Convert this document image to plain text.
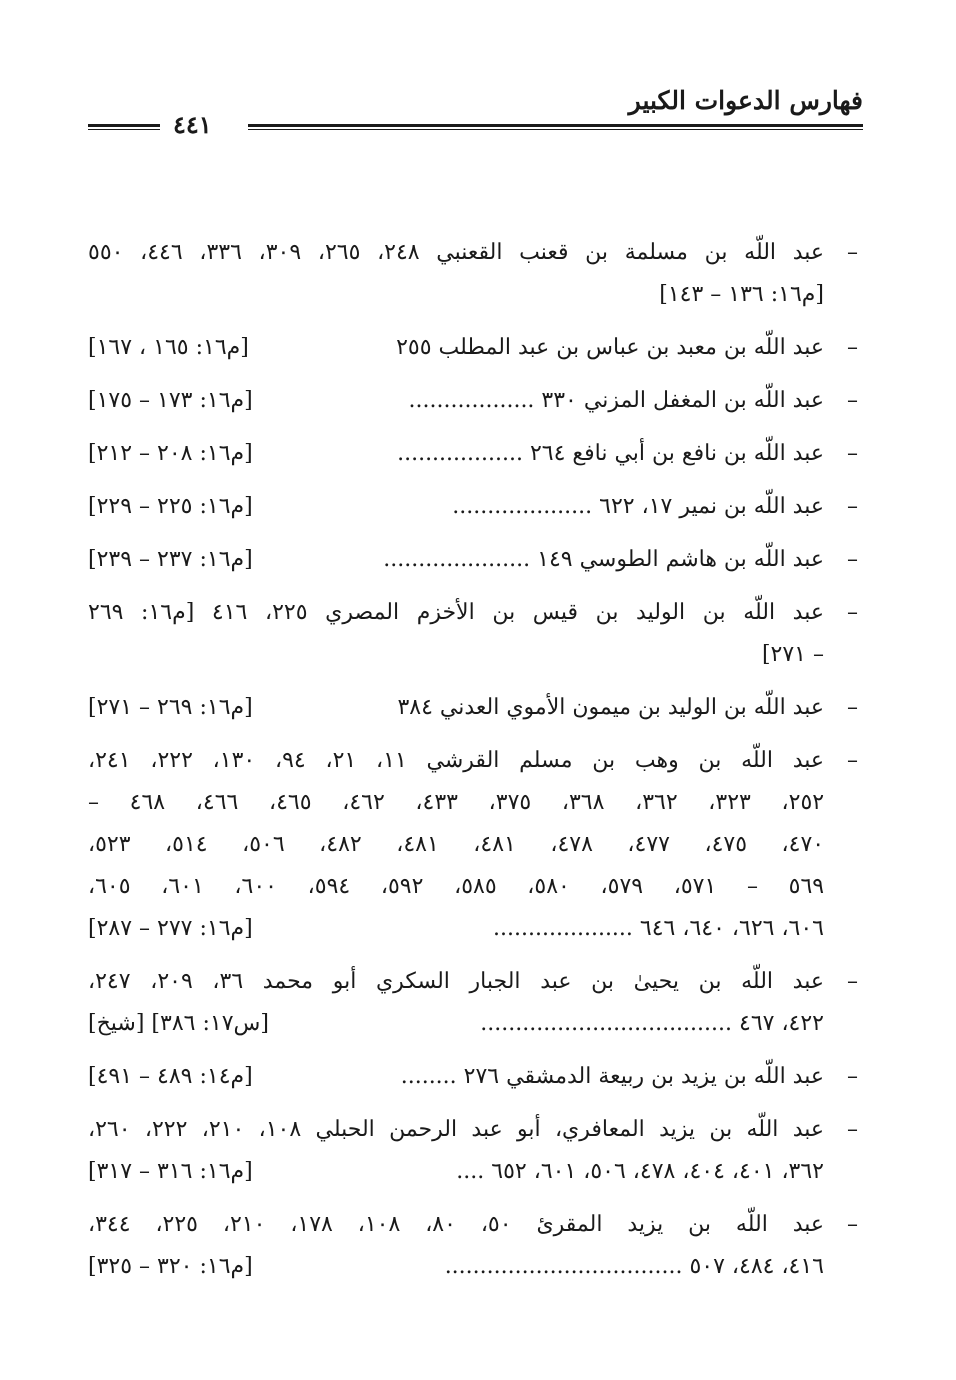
فهارس الدعوات الكبير
٤٤١
–
عبد اللّه بن مسلمة بن قعنب القعنبي ٢٤٨، ٢٦٥، ٣٠٩، ٣٣٦، ٤٤٦، ٥٥٠
[م١٦: ١٣٦ – ١٤٣]
–
عبد اللّه بن معبد بن عباس بن عبد المطلب ٢٥٥
[م١٦: ١٦٥ ، ١٦٧]
–
عبد اللّه بن المغفل المزني ٣٣٠ ..................
[م١٦: ١٧٣ – ١٧٥]
–
عبد اللّه بن نافع بن أبي نافع ٢٦٤ ..................
[م١٦: ٢٠٨ – ٢١٢]
–
عبد اللّه بن نمير ١٧، ٦٢٢ ....................
[م١٦: ٢٢٥ – ٢٢٩]
–
عبد اللّه بن هاشم الطوسي ١٤٩ .....................
[م١٦: ٢٣٧ – ٢٣٩]
–
عبد اللّه بن الوليد بن قيس بن الأخزم المصري ٢٢٥، ٤١٦ [م١٦: ٢٦٩
– ٢٧١]
–
عبد اللّه بن الوليد بن ميمون الأموي العدني ٣٨٤
[م١٦: ٢٦٩ – ٢٧١]
–
عبد اللّه بن وهب بن مسلم القرشي ١١، ٢١، ٩٤، ١٣٠، ٢٢٢، ٢٤١،
٢٥٢، ٣٢٣، ٣٦٢، ٣٦٨، ٣٧٥، ٤٣٣، ٤٦٢، ٤٦٥، ٤٦٦، ٤٦٨ –
٤٧٠، ٤٧٥، ٤٧٧، ٤٧٨، ٤٨١، ٤٨١، ٤٨٢، ٥٠٦، ٥١٤، ٥٢٣،
٥٦٩ – ٥٧١، ٥٧٩، ٥٨٠، ٥٨٥، ٥٩٢، ٥٩٤، ٦٠٠، ٦٠١، ٦٠٥،
٦٠٦، ٦٢٦، ٦٤٠، ٦٤٦ ....................
[م١٦: ٢٧٧ – ٢٨٧]
–
عبد اللّه بن يحيىٰ بن عبد الجبار السكري أبو محمد ٣٦، ٢٠٩، ٢٤٧،
٤٢٢، ٤٦٧ ....................................
[س١٧: ٣٨٦] [شيخ]
–
عبد اللّه بن يزيد بن ربيعة الدمشقي ٢٧٦ ........
[م١٤: ٤٨٩ – ٤٩١]
–
عبد اللّه بن يزيد المعافري، أبو عبد الرحمن الحبلي ١٠٨، ٢١٠، ٢٢٢، ٢٦٠،
٣٦٢، ٤٠١، ٤٠٤، ٤٧٨، ٥٠٦، ٦٠١، ٦٥٢ ....
[م١٦: ٣١٦ – ٣١٧]
–
عبد اللّه بن يزيد المقرئ ٥٠، ٨٠، ١٠٨، ١٧٨، ٢١٠، ٢٢٥، ٣٤٤،
٤١٦، ٤٨٤، ٥٠٧ ..................................
[م١٦: ٣٢٠ – ٣٢٥]
